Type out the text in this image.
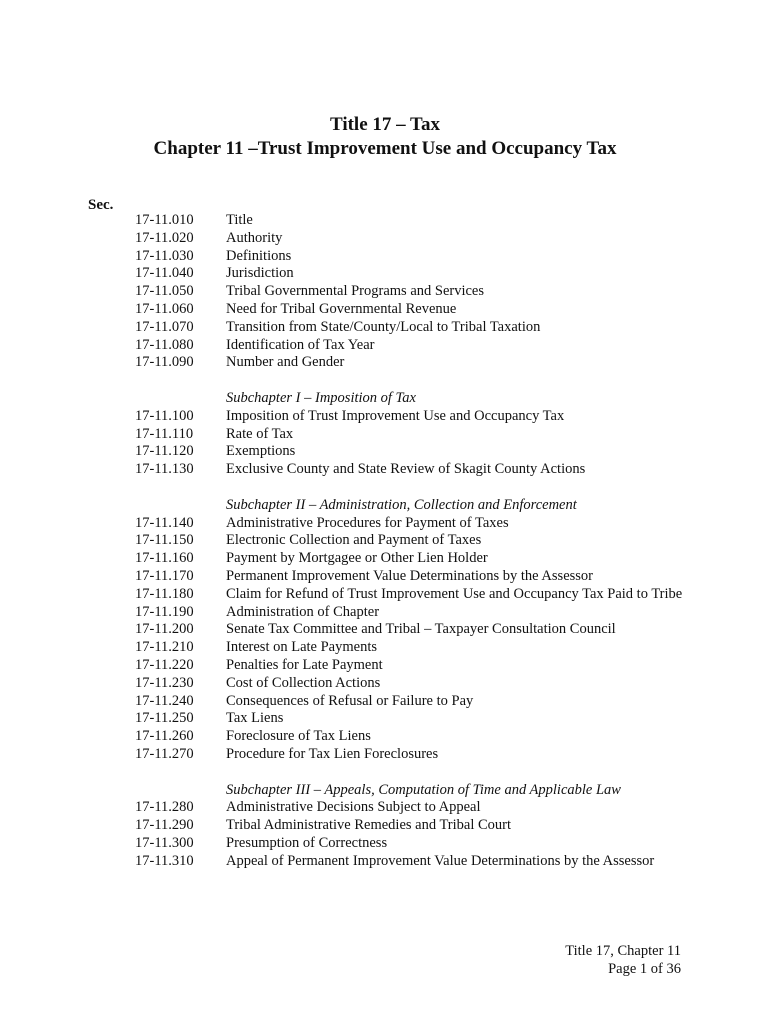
Title 17 – Tax
Chapter 11 –Trust Improvement Use and Occupancy Tax
Sec.
17-11.010 Title
17-11.020 Authority
17-11.030 Definitions
17-11.040 Jurisdiction
17-11.050 Tribal Governmental Programs and Services
17-11.060 Need for Tribal Governmental Revenue
17-11.070 Transition from State/County/Local to Tribal Taxation
17-11.080 Identification of Tax Year
17-11.090 Number and Gender
Subchapter I – Imposition of Tax
17-11.100 Imposition of Trust Improvement Use and Occupancy Tax
17-11.110 Rate of Tax
17-11.120 Exemptions
17-11.130 Exclusive County and State Review of Skagit County Actions
Subchapter II – Administration, Collection and Enforcement
17-11.140 Administrative Procedures for Payment of Taxes
17-11.150 Electronic Collection and Payment of Taxes
17-11.160 Payment by Mortgagee or Other Lien Holder
17-11.170 Permanent Improvement Value Determinations by the Assessor
17-11.180 Claim for Refund of Trust Improvement Use and Occupancy Tax Paid to Tribe
17-11.190 Administration of Chapter
17-11.200 Senate Tax Committee and Tribal – Taxpayer Consultation Council
17-11.210 Interest on Late Payments
17-11.220 Penalties for Late Payment
17-11.230 Cost of Collection Actions
17-11.240 Consequences of Refusal or Failure to Pay
17-11.250 Tax Liens
17-11.260 Foreclosure of Tax Liens
17-11.270 Procedure for Tax Lien Foreclosures
Subchapter III – Appeals, Computation of Time and Applicable Law
17-11.280 Administrative Decisions Subject to Appeal
17-11.290 Tribal Administrative Remedies and Tribal Court
17-11.300 Presumption of Correctness
17-11.310 Appeal of Permanent Improvement Value Determinations by the Assessor
Title 17, Chapter 11
Page 1 of 36
